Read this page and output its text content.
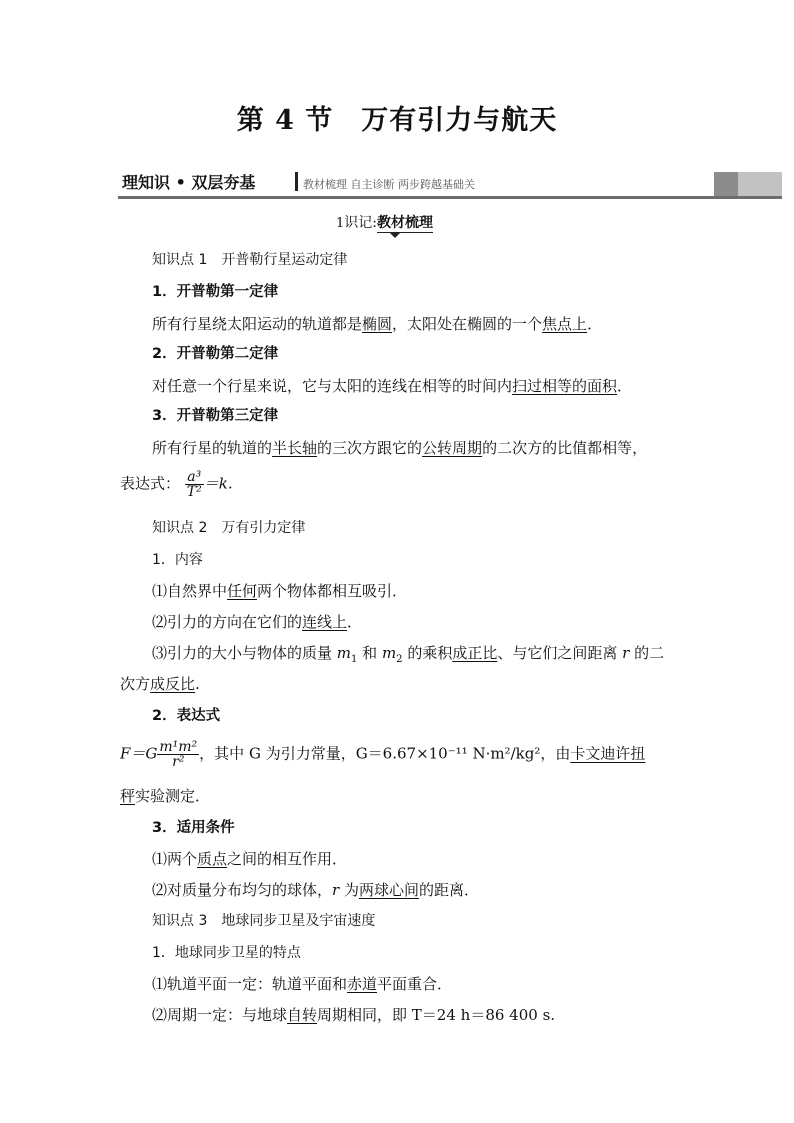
第 4 节　万有引力与航天
理知识 • 双层夯基	教材梳理 自主诊断 两步跨越基础关
1识记:教材梳理
知识点 1　开普勒行星运动定律
1．开普勒第一定律
所有行星绕太阳运动的轨道都是椭圆，太阳处在椭圆的一个焦点上．
2．开普勒第二定律
对任意一个行星来说，它与太阳的连线在相等的时间内扫过相等的面积．
3．开普勒第三定律
所有行星的轨道的半长轴的三次方跟它的公转周期的二次方的比值都相等，
表达式： $\frac{\text{a³}}{\text{T²}} =k$.
知识点 2　万有引力定律
1．内容
⑴自然界中任何两个物体都相互吸引．
⑵引力的方向在它们的连线上．
⑶引力的大小与物体的质量 $m_1$ 和 $m_2$ 的乘积成正比、与它们之间距离 r 的二
次方成反比.
2．表达式
$F=G \frac{\text{m¹m²}}{\text{r²}}$ ，其中 G 为引力常量，G＝6.67×10⁻¹¹ N·m²/kg²，由卡文迪许扭
秤实验测定．
3．适用条件
⑴两个质点之间的相互作用．
⑵对质量分布均匀的球体，r 为两球心间的距离．
知识点 3　地球同步卫星及宇宙速度
1．地球同步卫星的特点
⑴轨道平面一定：轨道平面和赤道平面重合．
⑵周期一定：与地球自转周期相同，即 T＝24 h＝86 400 s.
